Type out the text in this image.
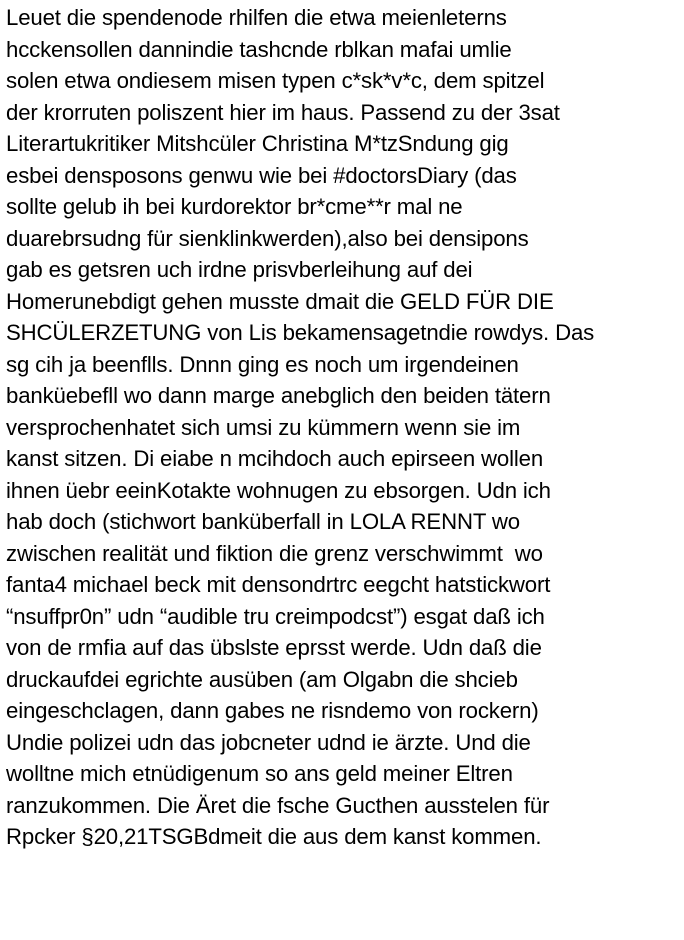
Leuet die spendenode rhilfen die etwa meienleterns
hcckensollen dannindie tashcnde rblkan mafai umlie
solen etwa ondiesem misen typen c*sk*v*c, dem spitzel
der krorruten poliszent hier im haus. Passend zu der 3sat
Literartukritiker Mitshcüler Christina M*tzSndung gig
esbei densposons genwu wie bei #doctorsDiary (das
sollte gelub ih bei kurdorektor br*cme**r mal ne
duarebrsudng für sienklinkwerden),also bei densipons
gab es getsren uch irdne prisvberleihung auf dei
Homerunebdigt gehen musste dmait die GELD FÜR DIE
SHCÜLERZETUNG von Lis bekamensagetndie rowdys. Das
sg cih ja beenflls. Dnnn ging es noch um irgendeinen
banküebefll wo dann marge anebglich den beiden tätern
versprochenhatet sich umsi zu kümmern wenn sie im
kanst sitzen. Di eiabe n mcihdoch auch epirseen wollen
ihnen üebr eeinKotakte wohnugen zu ebsorgen. Udn ich
hab doch (stichwort banküberfall in LOLA RENNT wo
zwischen realität und fiktion die grenz verschwimmt  wo
fanta4 michael beck mit densondrtrc eegcht hatstickwort
“nsuffpr0n” udn “audible tru creimpodcst”) esgat daß ich
von de rmfia auf das übslste eprsst werde. Udn daß die
druckaufdei egrichte ausüben (am Olgabn die shcieb
eingeschclagen, dann gabes ne risndemo von rockern)
Undie polizei udn das jobcneter udnd ie ärzte. Und die
wolltne mich etnüdigenum so ans geld meiner Eltren
ranzukommen. Die Äret die fsche Gucthen ausstelen für
Rpcker §20,21TSGBdmeit die aus dem kanst kommen.
